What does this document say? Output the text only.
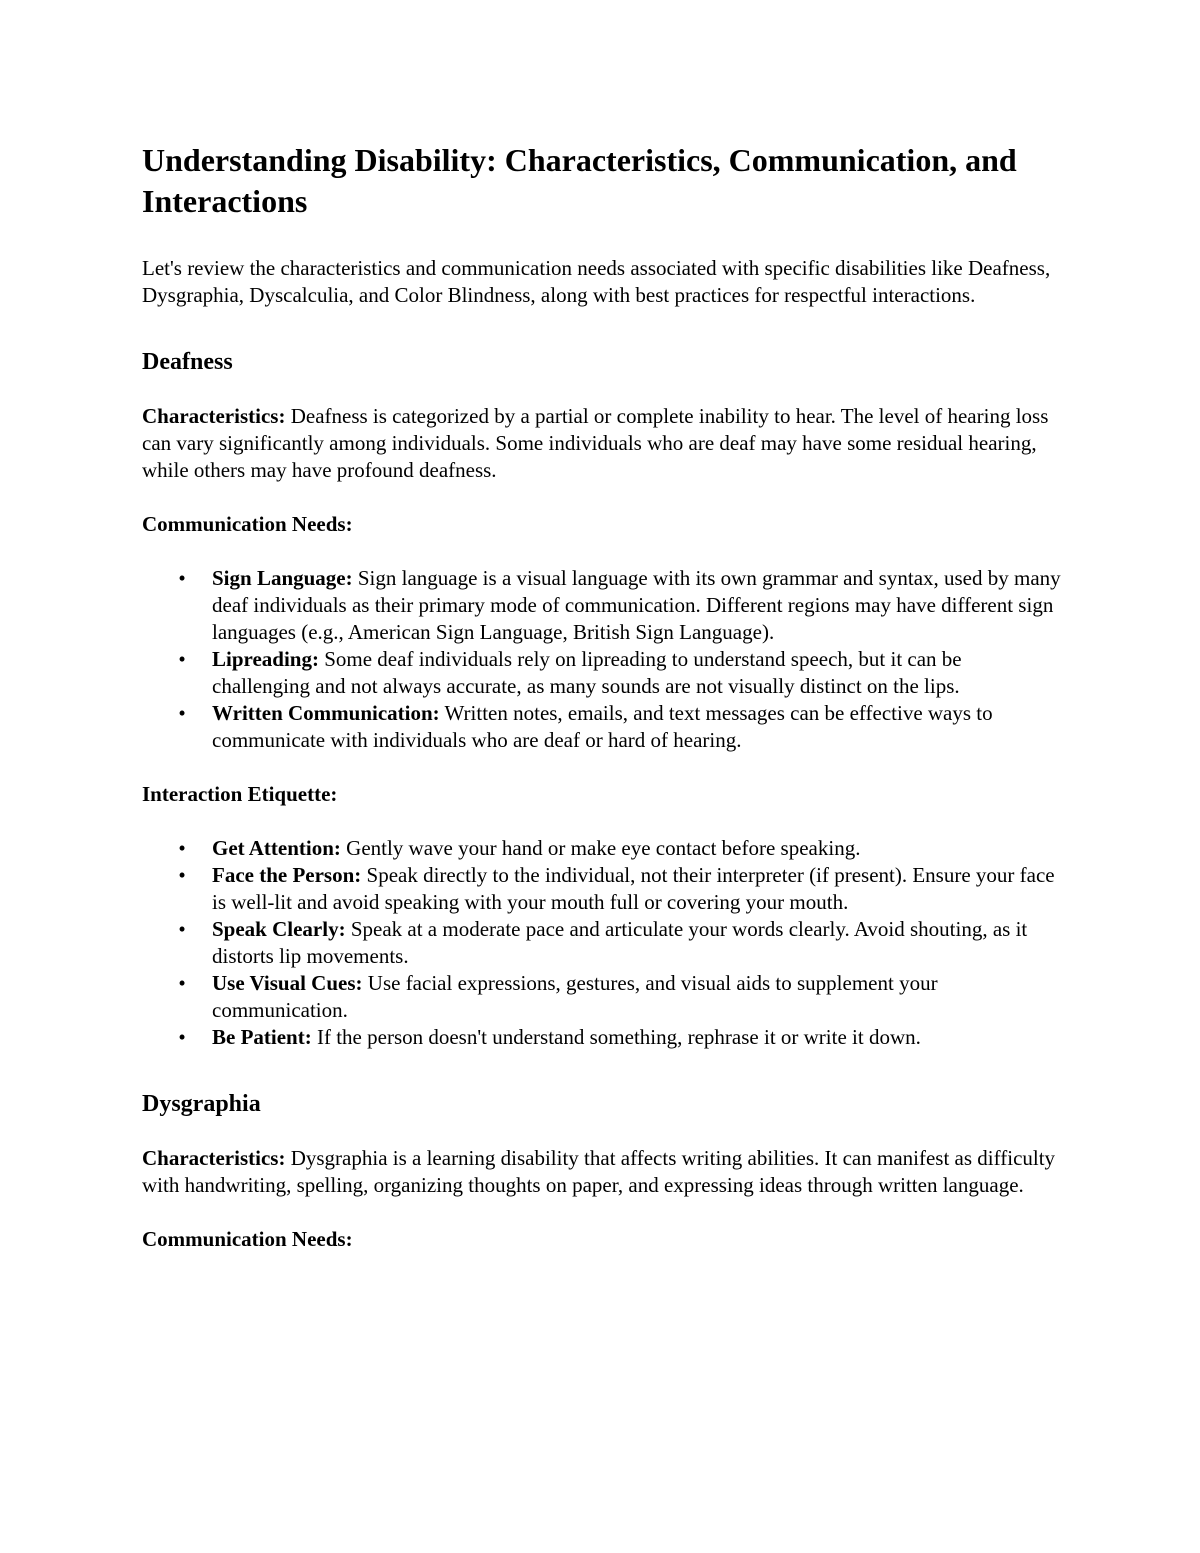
Understanding Disability: Characteristics, Communication, and Interactions

Let's review the characteristics and communication needs associated with specific disabilities like Deafness, Dysgraphia, Dyscalculia, and Color Blindness, along with best practices for respectful interactions.

Deafness

Characteristics: Deafness is categorized by a partial or complete inability to hear. The level of hearing loss can vary significantly among individuals. Some individuals who are deaf may have some residual hearing, while others may have profound deafness.

Communication Needs:

•	Sign Language: Sign language is a visual language with its own grammar and syntax, used by many deaf individuals as their primary mode of communication. Different regions may have different sign languages (e.g., American Sign Language, British Sign Language).
•	Lipreading: Some deaf individuals rely on lipreading to understand speech, but it can be challenging and not always accurate, as many sounds are not visually distinct on the lips.
•	Written Communication: Written notes, emails, and text messages can be effective ways to communicate with individuals who are deaf or hard of hearing.

Interaction Etiquette:

•	Get Attention: Gently wave your hand or make eye contact before speaking.
•	Face the Person: Speak directly to the individual, not their interpreter (if present). Ensure your face is well-lit and avoid speaking with your mouth full or covering your mouth.
•	Speak Clearly: Speak at a moderate pace and articulate your words clearly. Avoid shouting, as it distorts lip movements.
•	Use Visual Cues: Use facial expressions, gestures, and visual aids to supplement your communication.
•	Be Patient: If the person doesn't understand something, rephrase it or write it down.
Dysgraphia

Characteristics: Dysgraphia is a learning disability that affects writing abilities. It can manifest as difficulty with handwriting, spelling, organizing thoughts on paper, and expressing ideas through written language.

Communication Needs:
